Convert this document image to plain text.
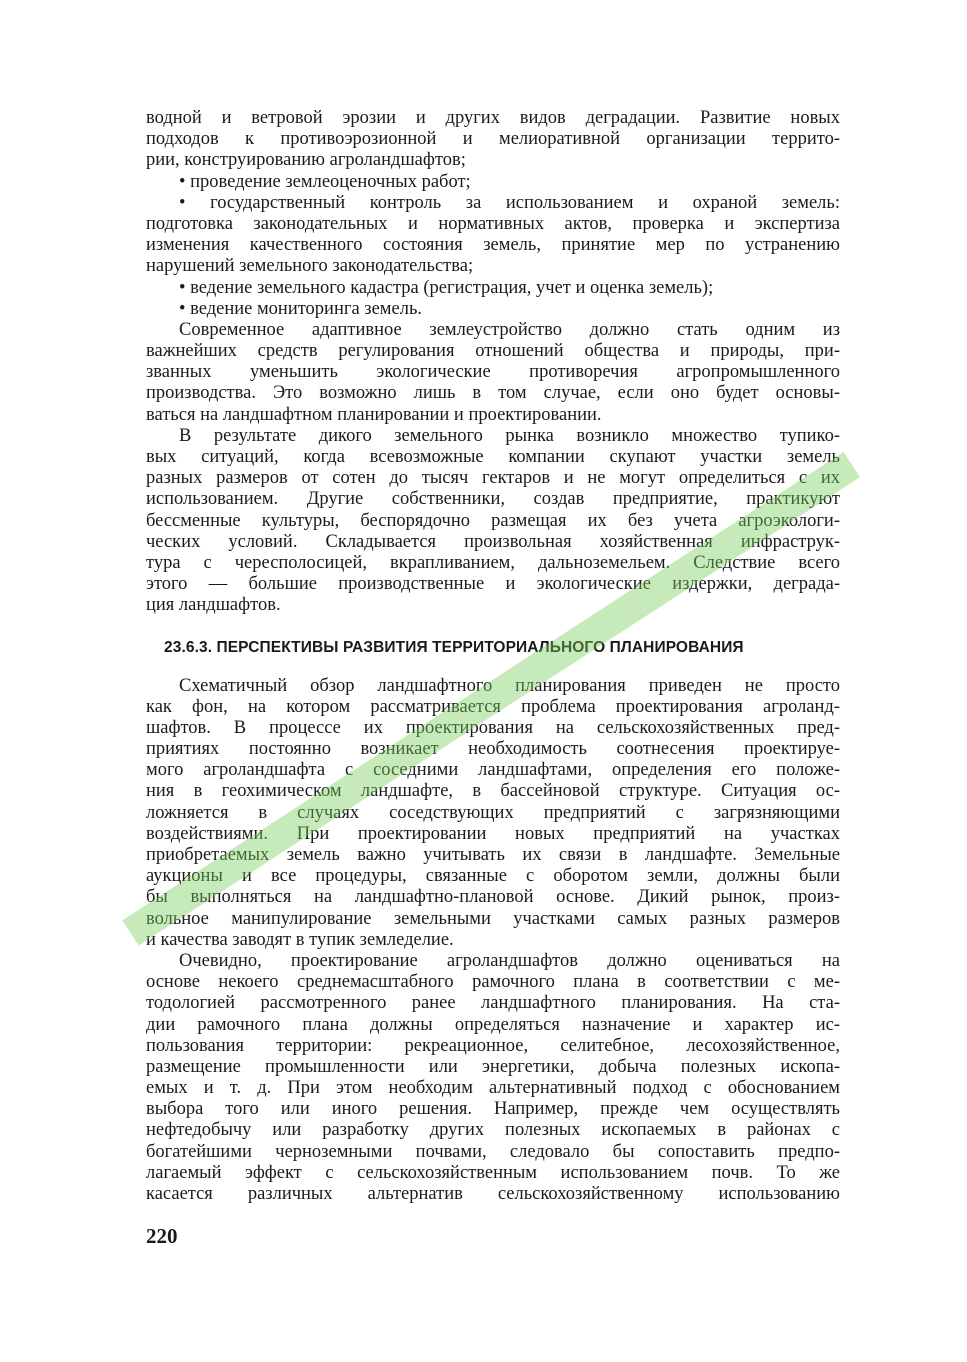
водной и ветровой эрозии и других видов деградации. Развитие новых
подходов к противоэрозионной и мелиоративной организации террито-
рии, конструированию агроландшафтов;
• проведение землеоценочных работ;
• государственный контроль за использованием и охраной земель:
подготовка законодательных и нормативных актов, проверка и экспертиза
изменения качественного состояния земель, принятие мер по устранению
нарушений земельного законодательства;
• ведение земельного кадастра (регистрация, учет и оценка земель);
• ведение мониторинга земель.
Современное адаптивное землеустройство должно стать одним из
важнейших средств регулирования отношений общества и природы, при-
званных уменьшить экологические противоречия агропромышленного
производства. Это возможно лишь в том случае, если оно будет основы-
ваться на ландшафтном планировании и проектировании.
В результате дикого земельного рынка возникло множество тупико-
вых ситуаций, когда всевозможные компании скупают участки земель
разных размеров от сотен до тысяч гектаров и не могут определиться с их
использованием. Другие собственники, создав предприятие, практикуют
бессменные культуры, беспорядочно размещая их без учета агроэкологи-
ческих условий. Складывается произвольная хозяйственная инфраструк-
тура с чересполосицей, вкрапливанием, дальноземельем. Следствие всего
этого — большие производственные и экологические издержки, деграда-
ция ландшафтов.
23.6.3. ПЕРСПЕКТИВЫ РАЗВИТИЯ ТЕРРИТОРИАЛЬНОГО ПЛАНИРОВАНИЯ
Схематичный обзор ландшафтного планирования приведен не просто
как фон, на котором рассматривается проблема проектирования агроланд-
шафтов. В процессе их проектирования на сельскохозяйственных пред-
приятиях постоянно возникает необходимость соотнесения проектируе-
мого агроландшафта с соседними ландшафтами, определения его положе-
ния в геохимическом ландшафте, в бассейновой структуре. Ситуация ос-
ложняется в случаях соседствующих предприятий с загрязняющими
воздействиями. При проектировании новых предприятий на участках
приобретаемых земель важно учитывать их связи в ландшафте. Земельные
аукционы и все процедуры, связанные с оборотом земли, должны были
бы выполняться на ландшафтно-плановой основе. Дикий рынок, произ-
вольное манипулирование земельными участками самых разных размеров
и качества заводят в тупик земледелие.
Очевидно, проектирование агроландшафтов должно оцениваться на
основе некоего среднемасштабного рамочного плана в соответствии с ме-
тодологией рассмотренного ранее ландшафтного планирования. На ста-
дии рамочного плана должны определяться назначение и характер ис-
пользования территории: рекреационное, селитебное, лесохозяйственное,
размещение промышленности или энергетики, добыча полезных ископа-
емых и т. д. При этом необходим альтернативный подход с обоснованием
выбора того или иного решения. Например, прежде чем осуществлять
нефтедобычу или разработку других полезных ископаемых в районах с
богатейшими черноземными почвами, следовало бы сопоставить предпо-
лагаемый эффект с сельскохозяйственным использованием почв. То же
касается различных альтернатив сельскохозяйственному использованию
220
